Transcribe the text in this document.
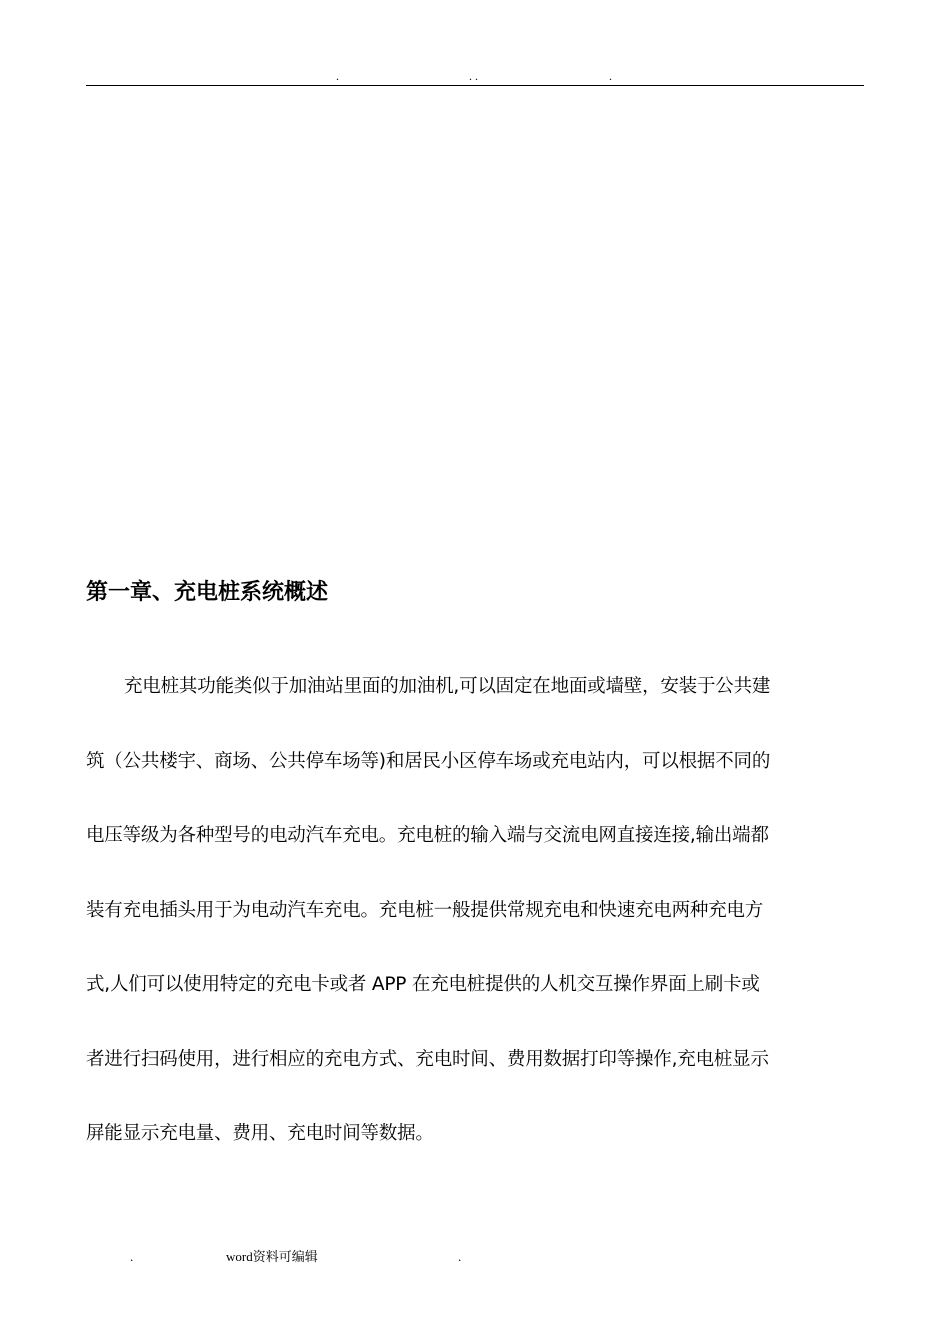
.	. .	.
第一章、充电桩系统概述
充电桩其功能类似于加油站里面的加油机,可以固定在地面或墙壁，安装于公共建
筑（公共楼宇、商场、公共停车场等)和居民小区停车场或充电站内，可以根据不同的
电压等级为各种型号的电动汽车充电。充电桩的输入端与交流电网直接连接,输出端都
装有充电插头用于为电动汽车充电。充电桩一般提供常规充电和快速充电两种充电方
式,人们可以使用特定的充电卡或者 APP 在充电桩提供的人机交互操作界面上刷卡或
者进行扫码使用，进行相应的充电方式、充电时间、费用数据打印等操作,充电桩显示
屏能显示充电量、费用、充电时间等数据。
.	word资料可编辑	.
